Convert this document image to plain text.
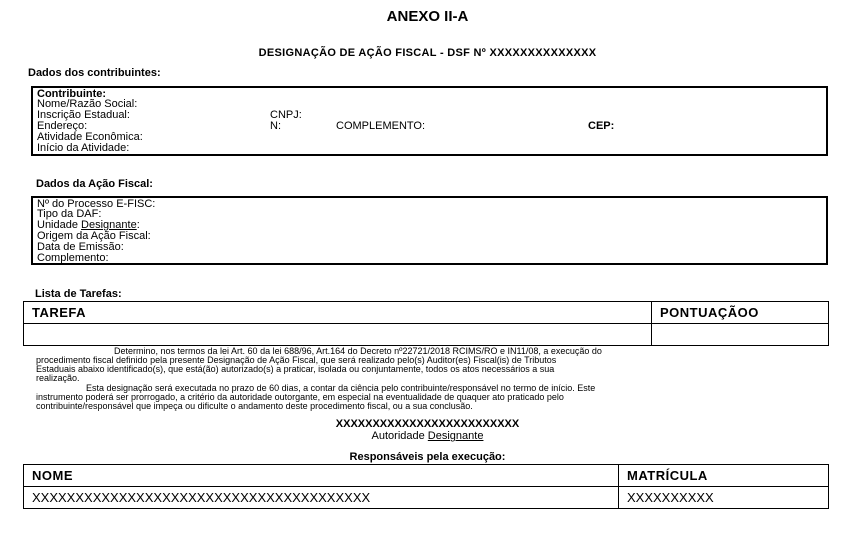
ANEXO II-A
DESIGNAÇÃO DE AÇÃO FISCAL - DSF Nº XXXXXXXXXXXXXX
Dados dos contribuintes:
Contribuinte:
Nome/Razão Social:
Inscrição Estadual:	CNPJ:
Endereço:	N:	COMPLEMENTO:	CEP:
Atividade Econômica:
Início da Atividade:
Dados da Ação Fiscal:
Nº do Processo E-FISC:
Tipo da DAF:
Unidade Designante:
Origem da Ação Fiscal:
Data de Emissão:
Complemento:
Lista de Tarefas:
TAREFA	PONTUAÇÃOO

Determino, nos termos da lei Art. 60 da lei 688/96, Art.164 do Decreto nº22721/2018 RCIMS/RO e IN11/08, a execução do
procedimento fiscal definido pela presente Designação de Ação Fiscal, que será realizado pelo(s) Auditor(es) Fiscal(is) de Tributos
Estaduais abaixo identificado(s), que está(ão) autorizado(s) a praticar, isolada ou conjuntamente, todos os atos necessários a sua
realização.
Esta designação será executada no prazo de 60 dias, a contar da ciência pelo contribuinte/responsável no termo de início. Este
instrumento poderá ser prorrogado, a critério da autoridade outorgante, em especial na eventualidade de quaquer ato praticado pelo
contribuinte/responsável que impeça ou dificulte o andamento deste procedimento fiscal, ou a sua conclusão.
XXXXXXXXXXXXXXXXXXXXXXXXX
Autoridade Designante
Responsáveis pela execução:
NOME	MATRÍCULA
XXXXXXXXXXXXXXXXXXXXXXXXXXXXXXXXXXXXXXX	XXXXXXXXXX
